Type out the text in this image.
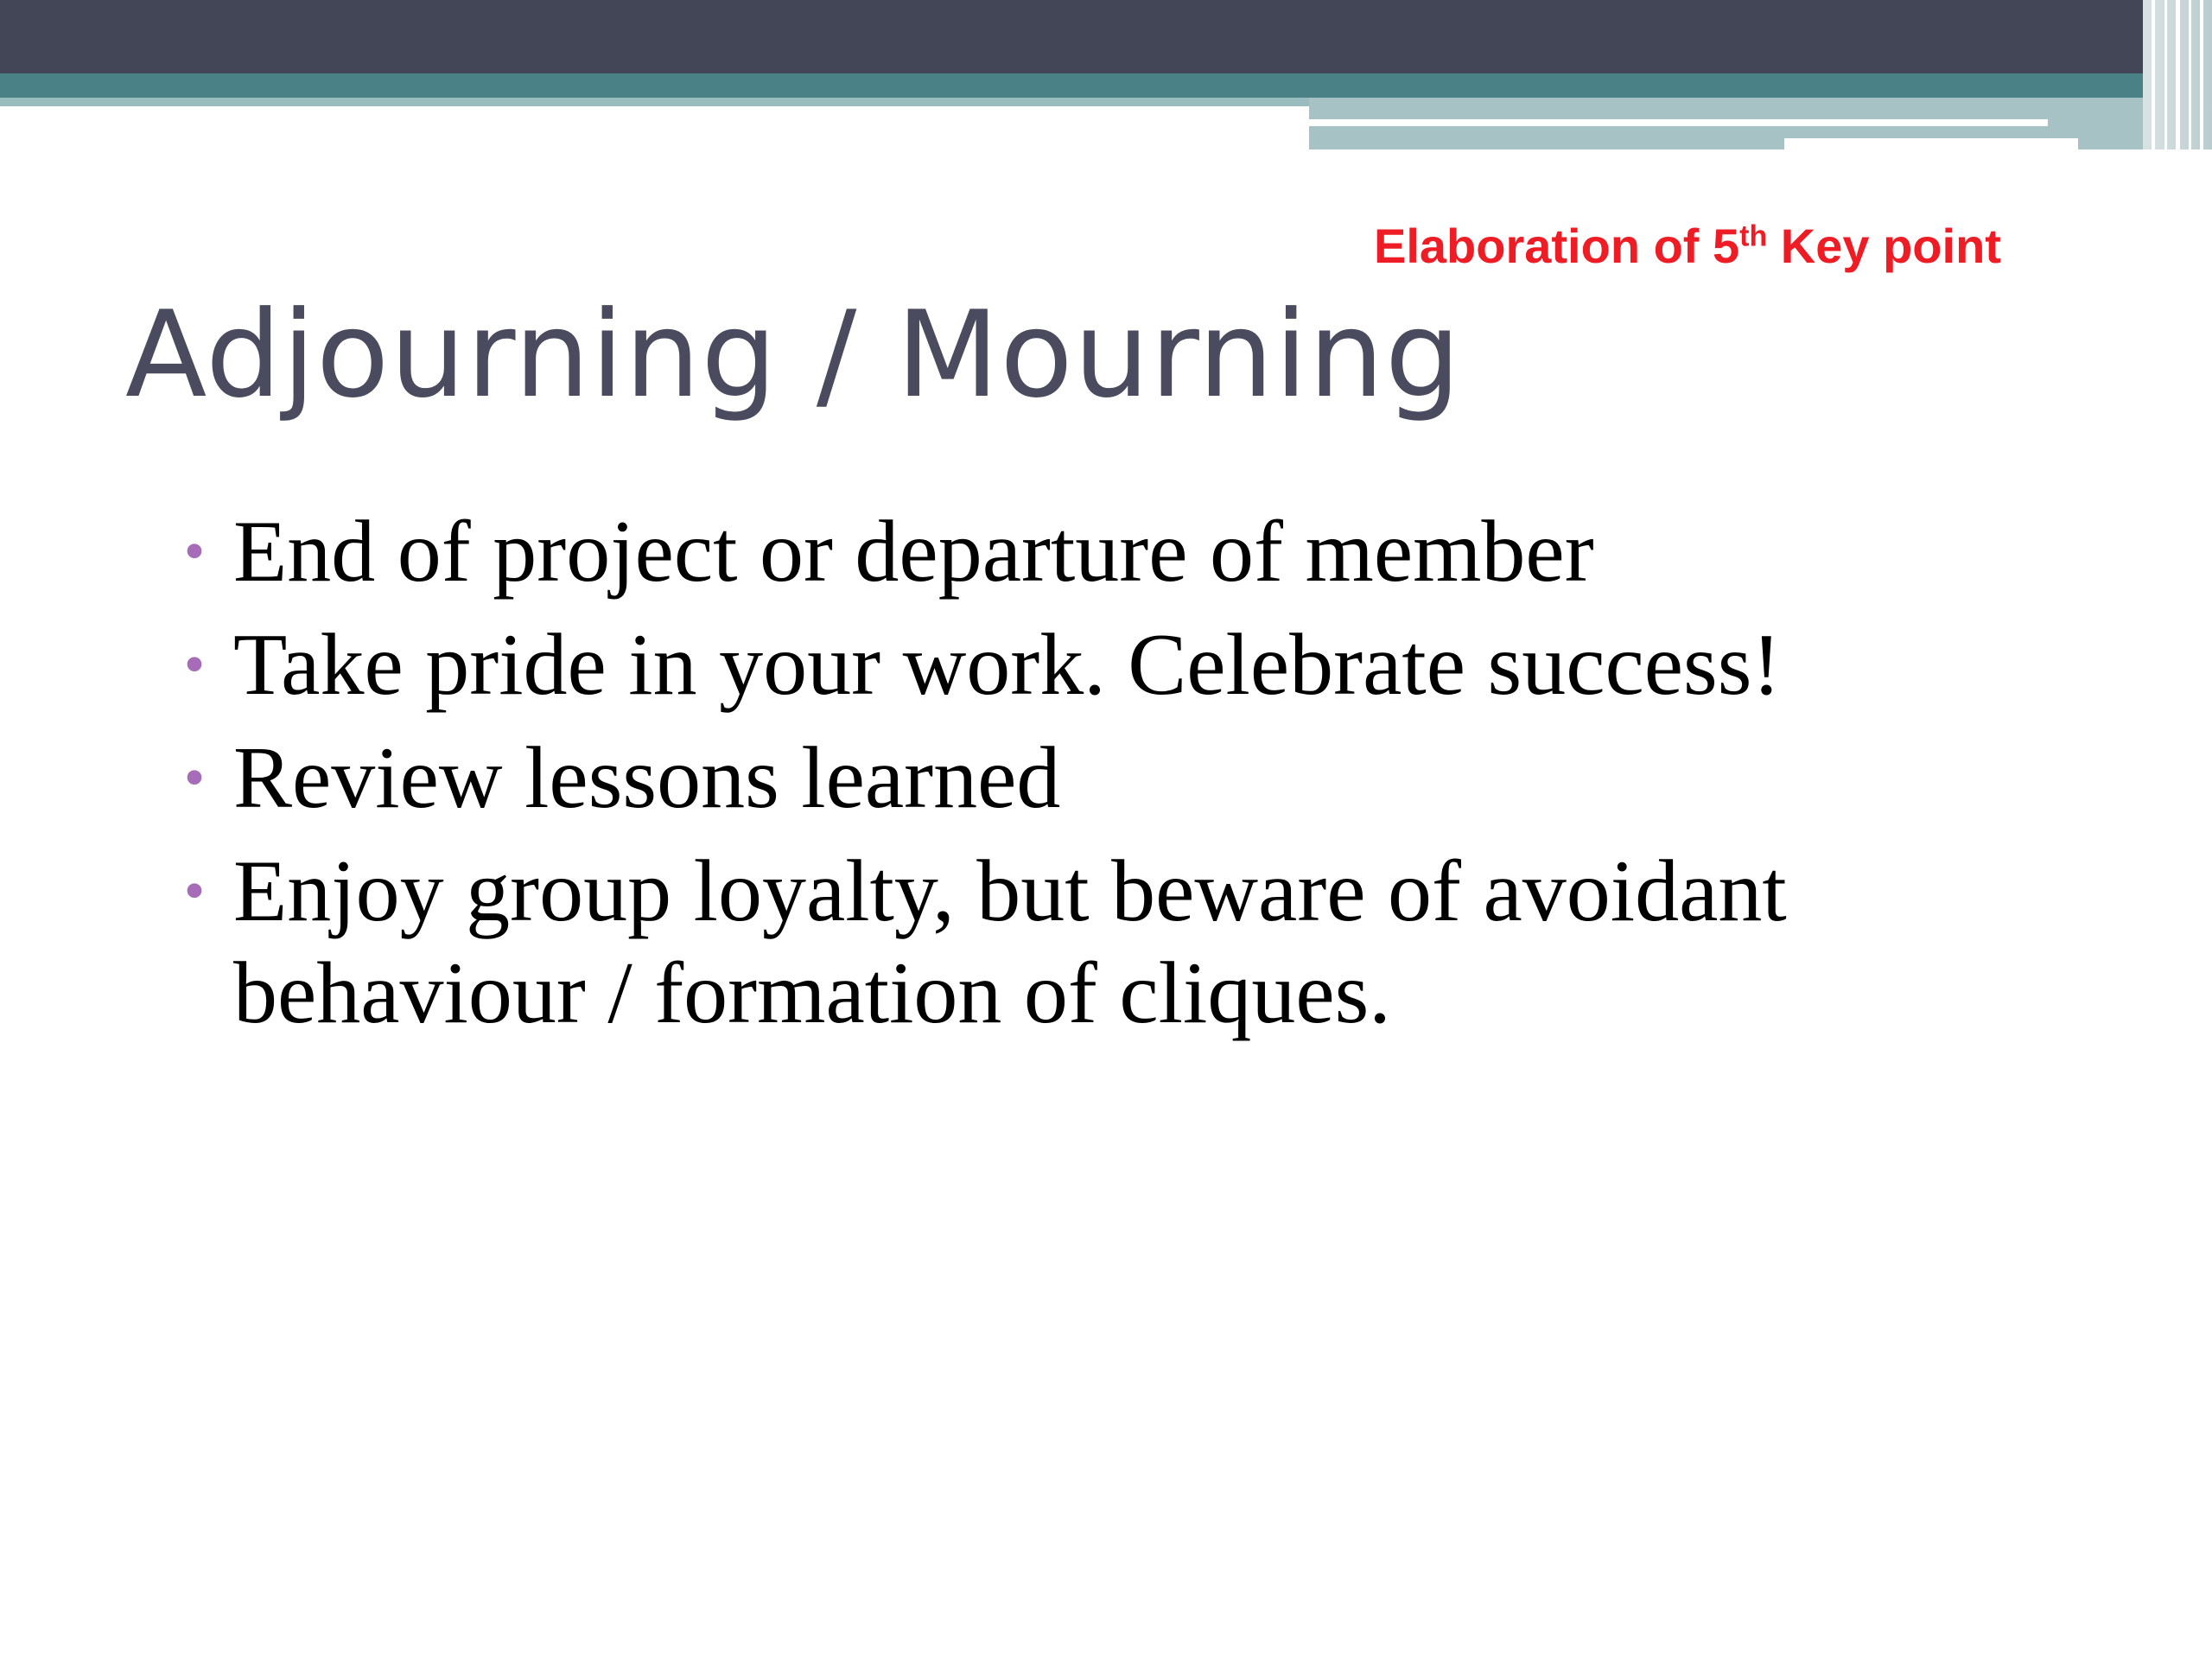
Elaboration of 5th Key point
Adjourning / Mourning
• End of project or departure of member
• Take pride in your work. Celebrate success!
• Review lessons learned
• Enjoy group loyalty, but beware of avoidant behaviour / formation of cliques.
